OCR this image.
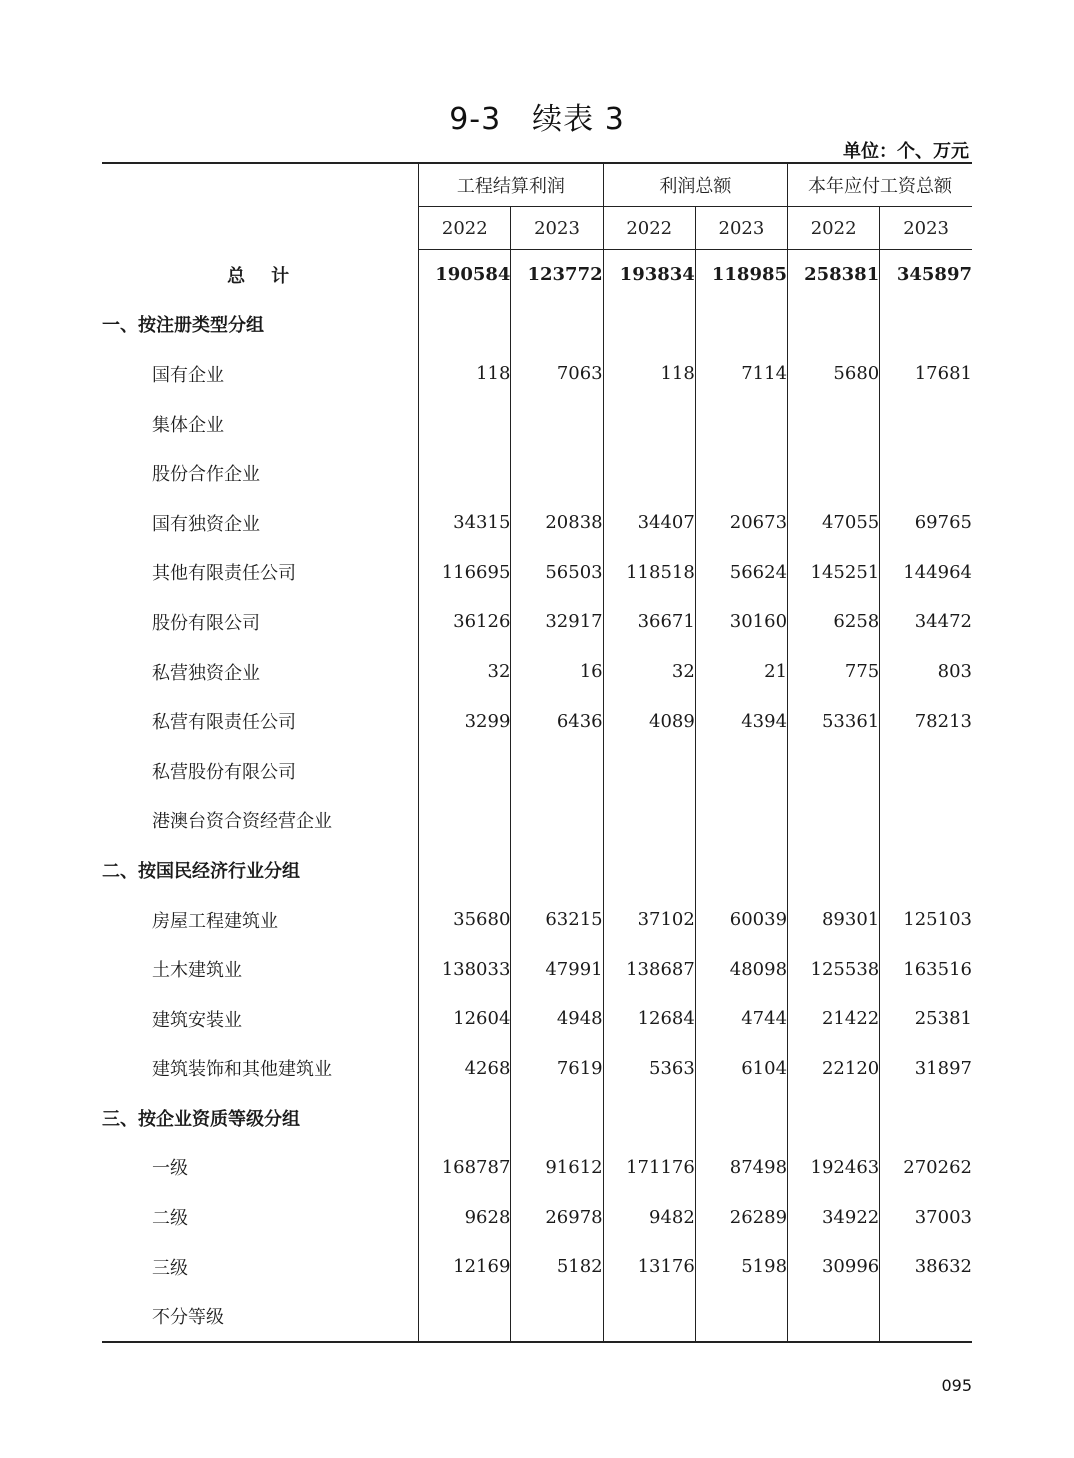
9-3　续表 3
单位：个、万元
	工程结算利润		利润总额		本年应付工资总额	
	2022	2023	2022	2023	2022	2023
总　计	190584	123772	193834	118985	258381	345897
一、按注册类型分组						
国有企业	118	7063	118	7114	5680	17681
集体企业						
股份合作企业						
国有独资企业	34315	20838	34407	20673	47055	69765
其他有限责任公司	116695	56503	118518	56624	145251	144964
股份有限公司	36126	32917	36671	30160	6258	34472
私营独资企业	32	16	32	21	775	803
私营有限责任公司	3299	6436	4089	4394	53361	78213
私营股份有限公司						
港澳台资合资经营企业						
二、按国民经济行业分组						
房屋工程建筑业	35680	63215	37102	60039	89301	125103
土木建筑业	138033	47991	138687	48098	125538	163516
建筑安装业	12604	4948	12684	4744	21422	25381
建筑装饰和其他建筑业	4268	7619	5363	6104	22120	31897
三、按企业资质等级分组						
一级	168787	91612	171176	87498	192463	270262
二级	9628	26978	9482	26289	34922	37003
三级	12169	5182	13176	5198	30996	38632
不分等级						
095
